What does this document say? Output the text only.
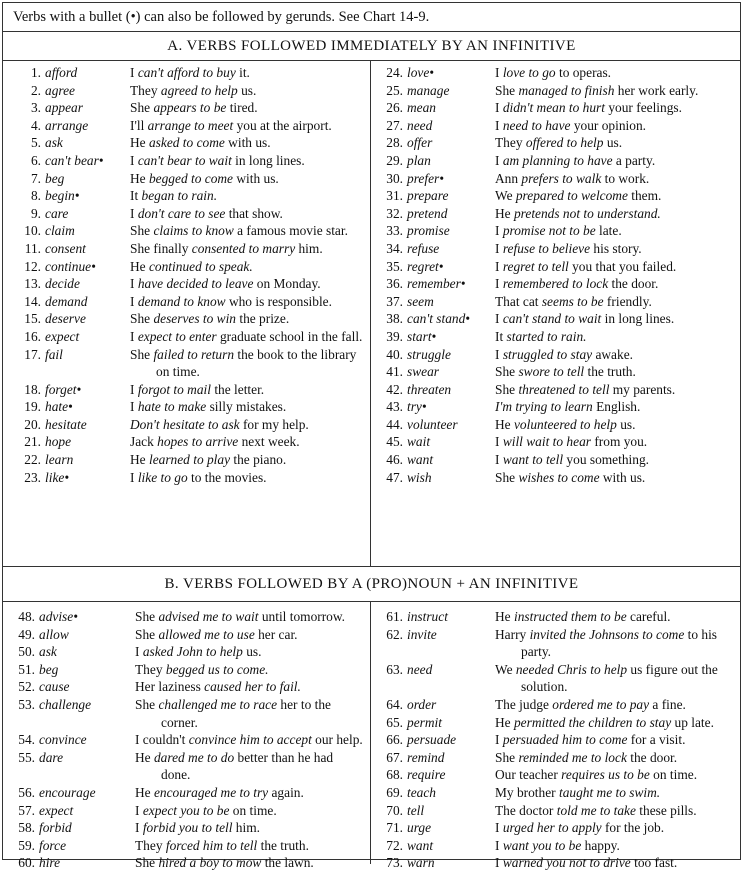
Verbs with a bullet (•) can also be followed by gerunds. See Chart 14-9.
A. VERBS FOLLOWED IMMEDIATELY BY AN INFINITIVE
1. afford	I can't afford to buy it.
2. agree	They agreed to help us.
3. appear	She appears to be tired.
4. arrange	I'll arrange to meet you at the airport.
5. ask	He asked to come with us.
6. can't bear•	I can't bear to wait in long lines.
7. beg	He begged to come with us.
8. begin•	It began to rain.
9. care	I don't care to see that show.
10. claim	She claims to know a famous movie star.
11. consent	She finally consented to marry him.
12. continue•	He continued to speak.
13. decide	I have decided to leave on Monday.
14. demand	I demand to know who is responsible.
15. deserve	She deserves to win the prize.
16. expect	I expect to enter graduate school in the fall.
17. fail	She failed to return the book to the library on time.
18. forget•	I forgot to mail the letter.
19. hate•	I hate to make silly mistakes.
20. hesitate	Don't hesitate to ask for my help.
21. hope	Jack hopes to arrive next week.
22. learn	He learned to play the piano.
23. like•	I like to go to the movies.
24. love•	I love to go to operas.
25. manage	She managed to finish her work early.
26. mean	I didn't mean to hurt your feelings.
27. need	I need to have your opinion.
28. offer	They offered to help us.
29. plan	I am planning to have a party.
30. prefer•	Ann prefers to walk to work.
31. prepare	We prepared to welcome them.
32. pretend	He pretends not to understand.
33. promise	I promise not to be late.
34. refuse	I refuse to believe his story.
35. regret•	I regret to tell you that you failed.
36. remember•	I remembered to lock the door.
37. seem	That cat seems to be friendly.
38. can't stand•	I can't stand to wait in long lines.
39. start•	It started to rain.
40. struggle	I struggled to stay awake.
41. swear	She swore to tell the truth.
42. threaten	She threatened to tell my parents.
43. try•	I'm trying to learn English.
44. volunteer	He volunteered to help us.
45. wait	I will wait to hear from you.
46. want	I want to tell you something.
47. wish	She wishes to come with us.
B. VERBS FOLLOWED BY A (PRO)NOUN + AN INFINITIVE
48. advise•	She advised me to wait until tomorrow.
49. allow	She allowed me to use her car.
50. ask	I asked John to help us.
51. beg	They begged us to come.
52. cause	Her laziness caused her to fail.
53. challenge	She challenged me to race her to the corner.
54. convince	I couldn't convince him to accept our help.
55. dare	He dared me to do better than he had done.
56. encourage	He encouraged me to try again.
57. expect	I expect you to be on time.
58. forbid	I forbid you to tell him.
59. force	They forced him to tell the truth.
60. hire	She hired a boy to mow the lawn.
61. instruct	He instructed them to be careful.
62. invite	Harry invited the Johnsons to come to his party.
63. need	We needed Chris to help us figure out the solution.
64. order	The judge ordered me to pay a fine.
65. permit	He permitted the children to stay up late.
66. persuade	I persuaded him to come for a visit.
67. remind	She reminded me to lock the door.
68. require	Our teacher requires us to be on time.
69. teach	My brother taught me to swim.
70. tell	The doctor told me to take these pills.
71. urge	I urged her to apply for the job.
72. want	I want you to be happy.
73. warn	I warned you not to drive too fast.
